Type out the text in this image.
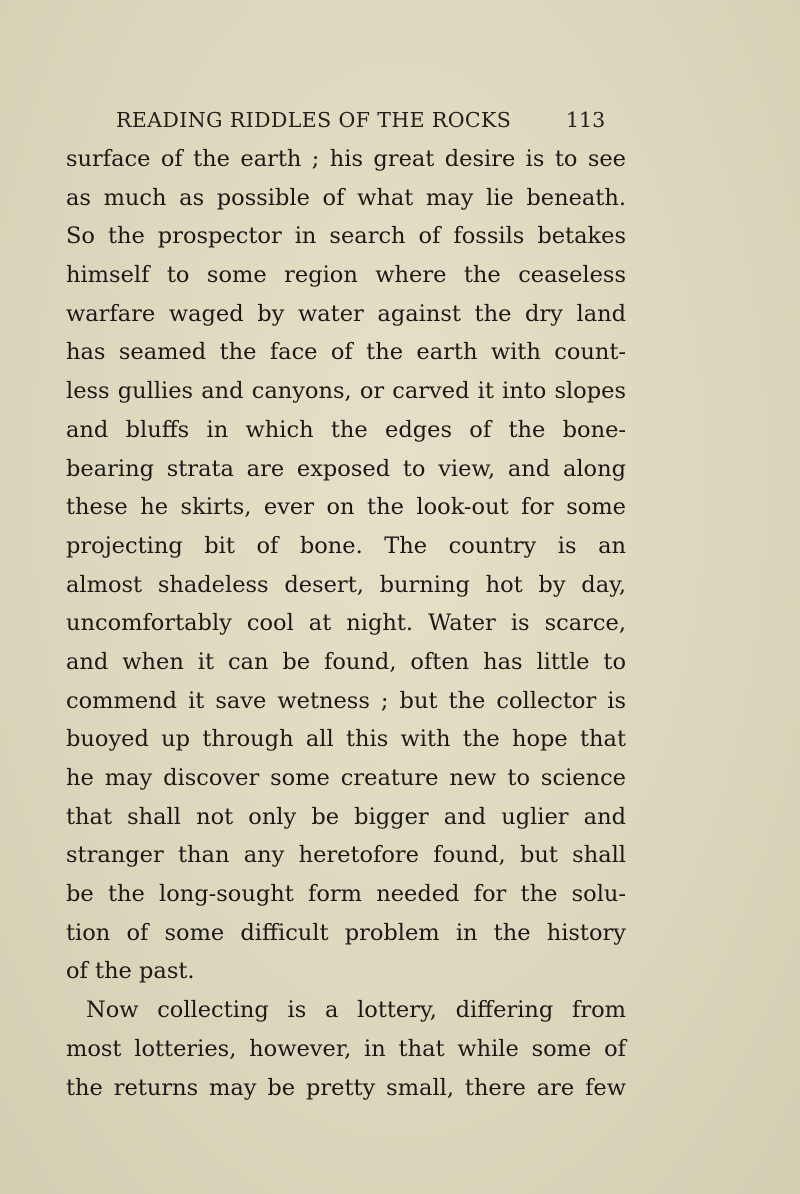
READING RIDDLES OF THE ROCKS	113
surface of the earth ; his great desire is to see
as much as possible of what may lie beneath.
So the prospector in search of fossils betakes
himself to some region where the ceaseless
warfare waged by water against the dry land
has seamed the face of the earth with count-
less gullies and canyons, or carved it into slopes
and bluffs in which the edges of the bone-
bearing strata are exposed to view, and along
these he skirts, ever on the look-out for some
projecting bit of bone. The country is an
almost shadeless desert, burning hot by day,
uncomfortably cool at night. Water is scarce,
and when it can be found, often has little to
commend it save wetness ; but the collector is
buoyed up through all this with the hope that
he may discover some creature new to science
that shall not only be bigger and uglier and
stranger than any heretofore found, but shall
be the long-sought form needed for the solu-
tion of some difficult problem in the history
of the past.
Now collecting is a lottery, differing from
most lotteries, however, in that while some of
the returns may be pretty small, there are few
